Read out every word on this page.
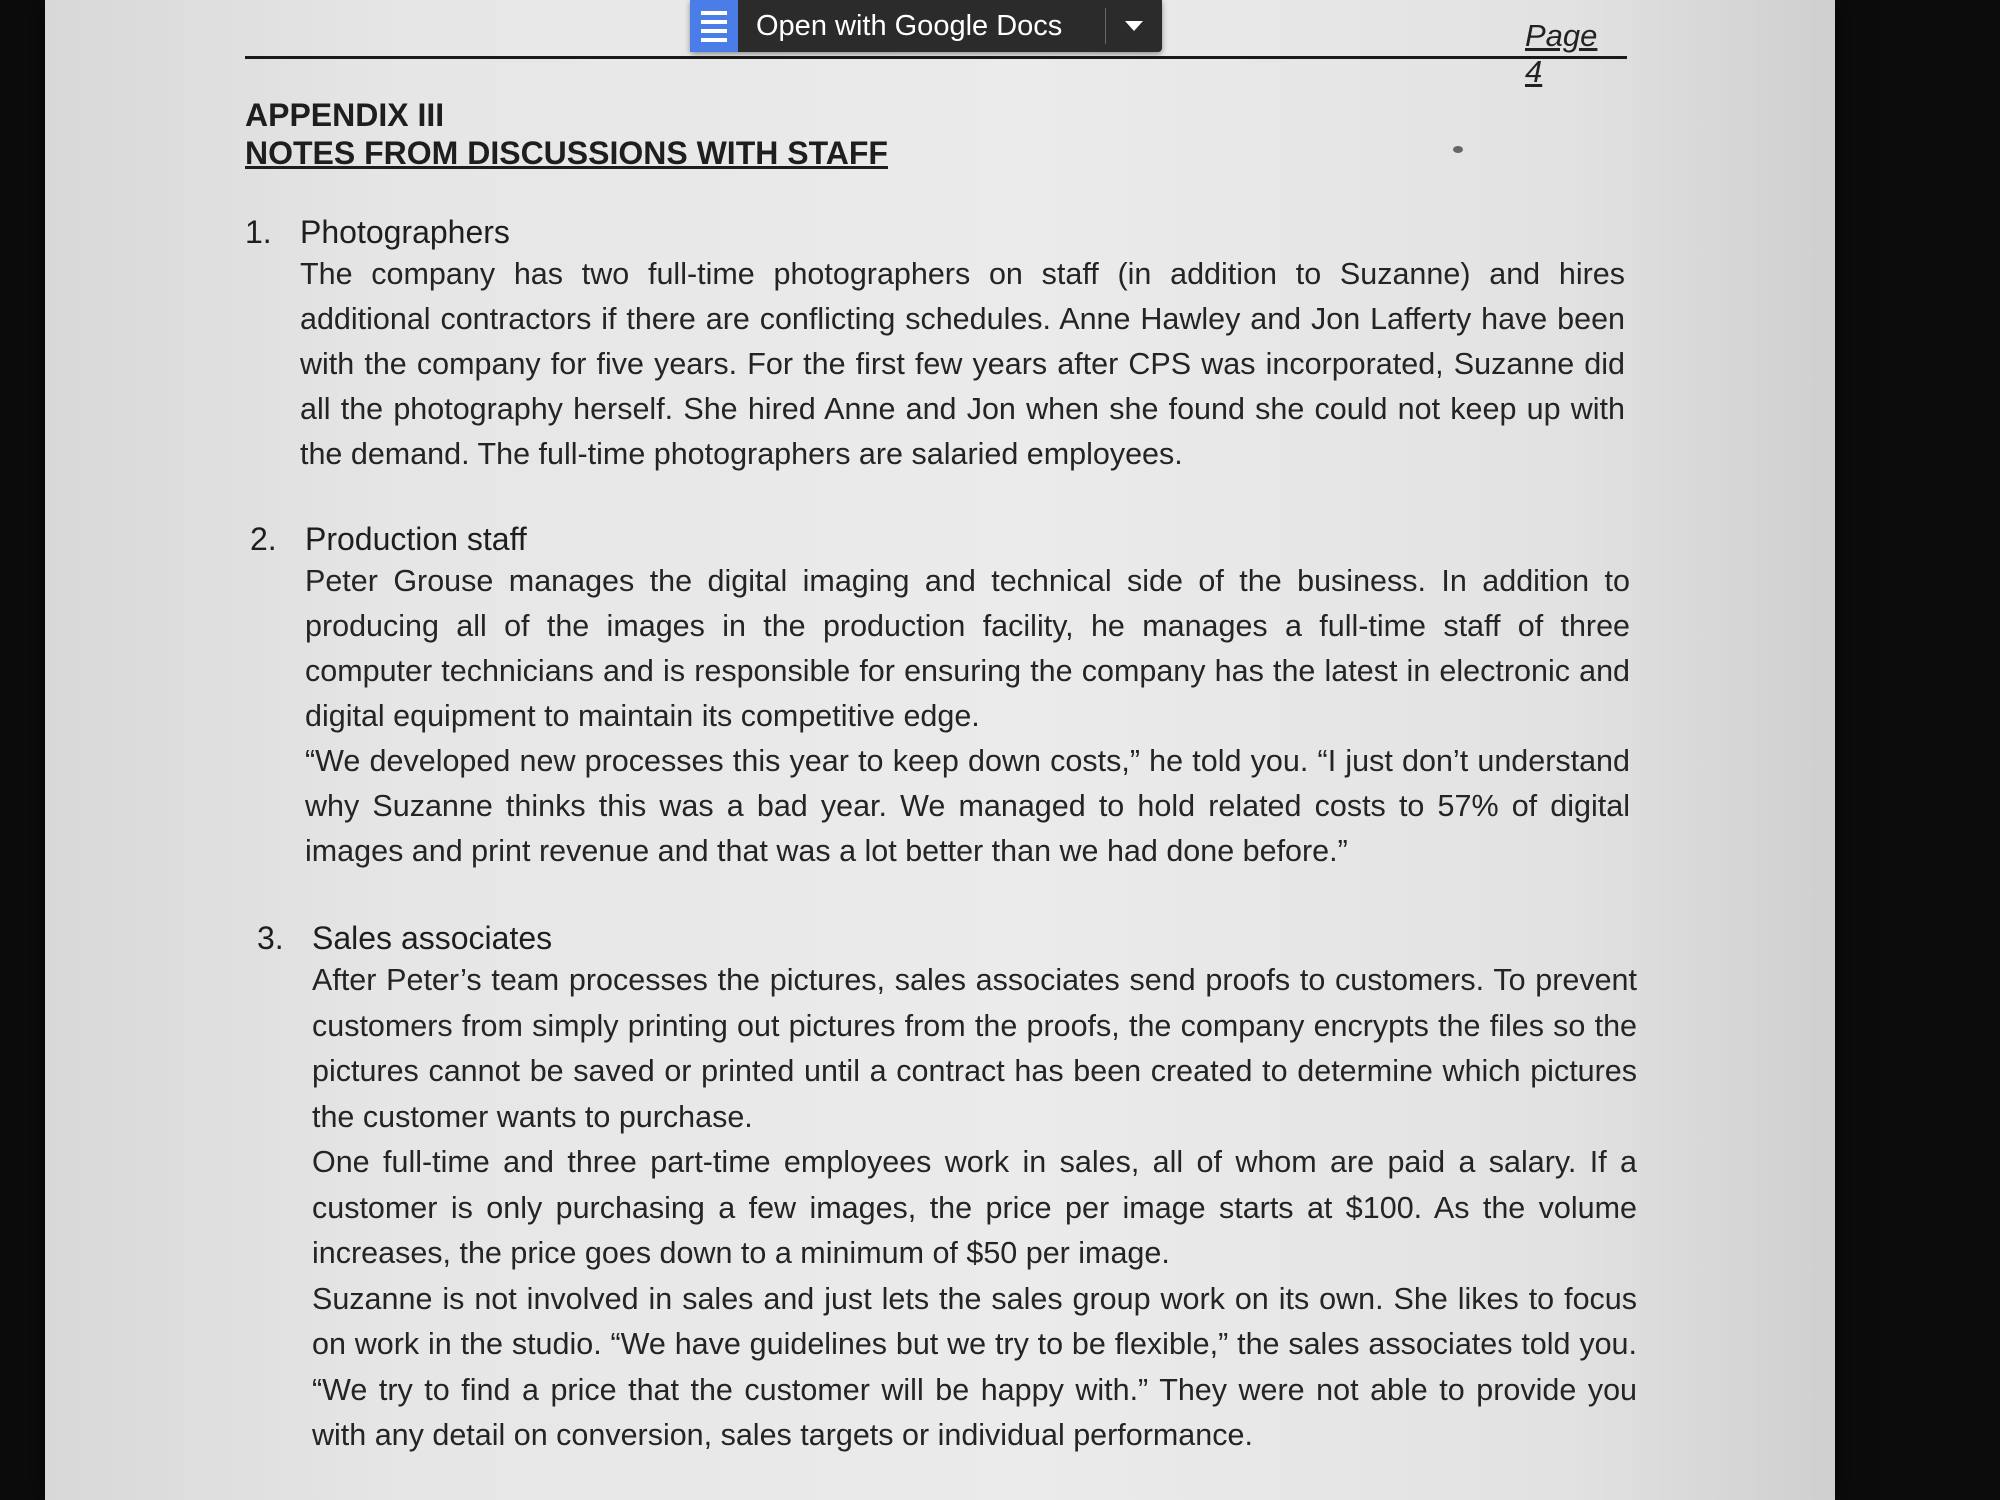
Open with Google Docs

APPENDIX III

NOTES FROM DISCUSSIONS WITH STAFF

1. Photographers
The company has two full-time photographers on staff (in addition to Suzanne) and hires additional contractors if there are conflicting schedules. Anne Hawley and Jon Lafferty have been with the company for five years. For the first few years after CPS was incorporated, Suzanne did all the photography herself. She hired Anne and Jon when she found she could not keep up with the demand. The full-time photographers are salaried employees.
2. Production staff
Peter Grouse manages the digital imaging and technical side of the business. In addition to producing all of the images in the production facility, he manages a full-time staff of three computer technicians and is responsible for ensuring the company has the latest in electronic and digital equipment to maintain its competitive edge.
“We developed new processes this year to keep down costs,” he told you. “I just don’t understand why Suzanne thinks this was a bad year. We managed to hold related costs to 57% of digital images and print revenue and that was a lot better than we had done before.”
3. Sales associates
After Peter’s team processes the pictures, sales associates send proofs to customers. To prevent customers from simply printing out pictures from the proofs, the company encrypts the files so the pictures cannot be saved or printed until a contract has been created to determine which pictures the customer wants to purchase.
One full-time and three part-time employees work in sales, all of whom are paid a salary. If a customer is only purchasing a few images, the price per image starts at $100. As the volume increases, the price goes down to a minimum of $50 per image.
Suzanne is not involved in sales and just lets the sales group work on its own. She likes to focus on work in the studio. “We have guidelines but we try to be flexible,” the sales associates told you. “We try to find a price that the customer will be happy with.” They were not able to provide you with any detail on conversion, sales targets or individual performance.
